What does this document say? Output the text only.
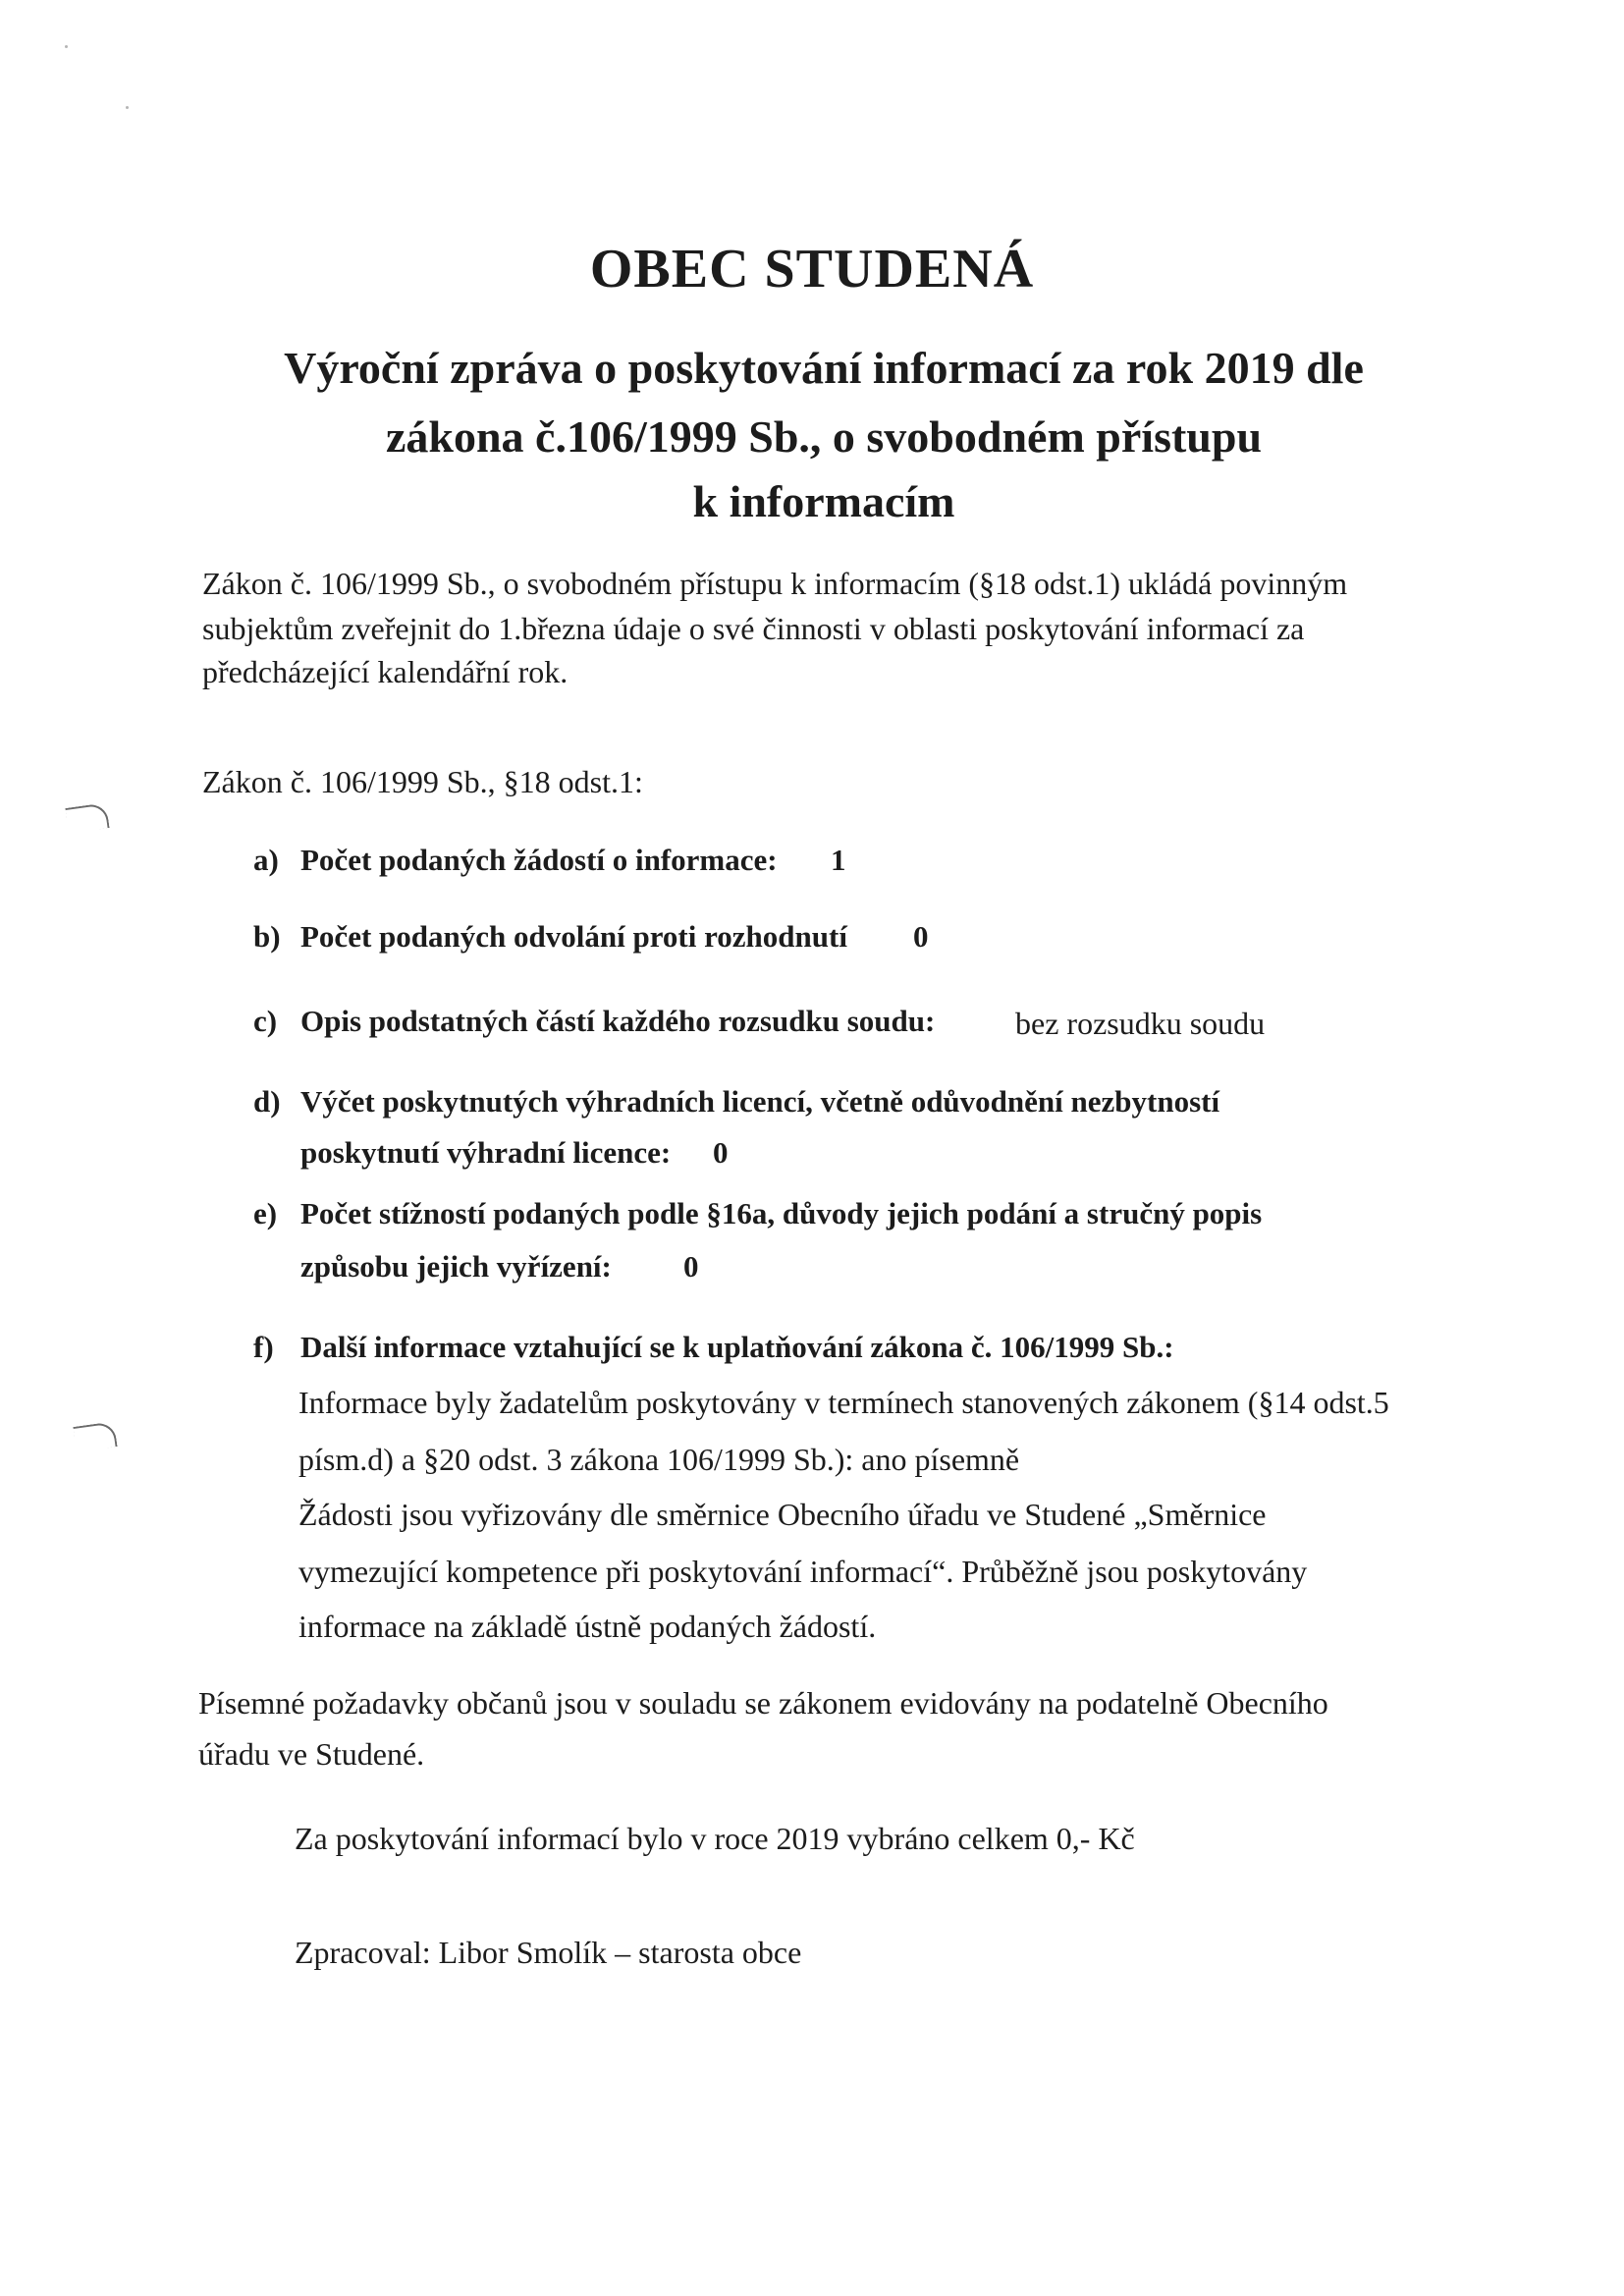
OBEC STUDENÁ
Výroční zpráva o poskytování informací za rok 2019 dle
zákona č.106/1999 Sb., o svobodném přístupu
k informacím
Zákon č. 106/1999 Sb., o svobodném přístupu k informacím (§18 odst.1) ukládá povinným
subjektům zveřejnit do 1.března údaje o své činnosti v oblasti poskytování informací za
předcházející kalendářní rok.
Zákon č. 106/1999 Sb., §18 odst.1:
a) Počet podaných žádostí o informace: 1
b) Počet podaných odvolání proti rozhodnutí 0
c) Opis podstatných částí každého rozsudku soudu:	bez rozsudku soudu
d) Výčet poskytnutých výhradních licencí, včetně odůvodnění nezbytností
poskytnutí výhradní licence: 0
e) Počet stížností podaných podle §16a, důvody jejich podání a stručný popis
způsobu jejich vyřízení: 0
f) Další informace vztahující se k uplatňování zákona č. 106/1999 Sb.:
Informace byly žadatelům poskytovány v termínech stanovených zákonem (§14 odst.5
písm.d) a §20 odst. 3 zákona 106/1999 Sb.): ano písemně
Žádosti jsou vyřizovány dle směrnice Obecního úřadu ve Studené „Směrnice
vymezující kompetence při poskytování informací“. Průběžně jsou poskytovány
informace na základě ústně podaných žádostí.
Písemné požadavky občanů jsou v souladu se zákonem evidovány na podatelně Obecního
úřadu ve Studené.
Za poskytování informací bylo v roce 2019 vybráno celkem 0,- Kč
Zpracoval: Libor Smolík – starosta obce
